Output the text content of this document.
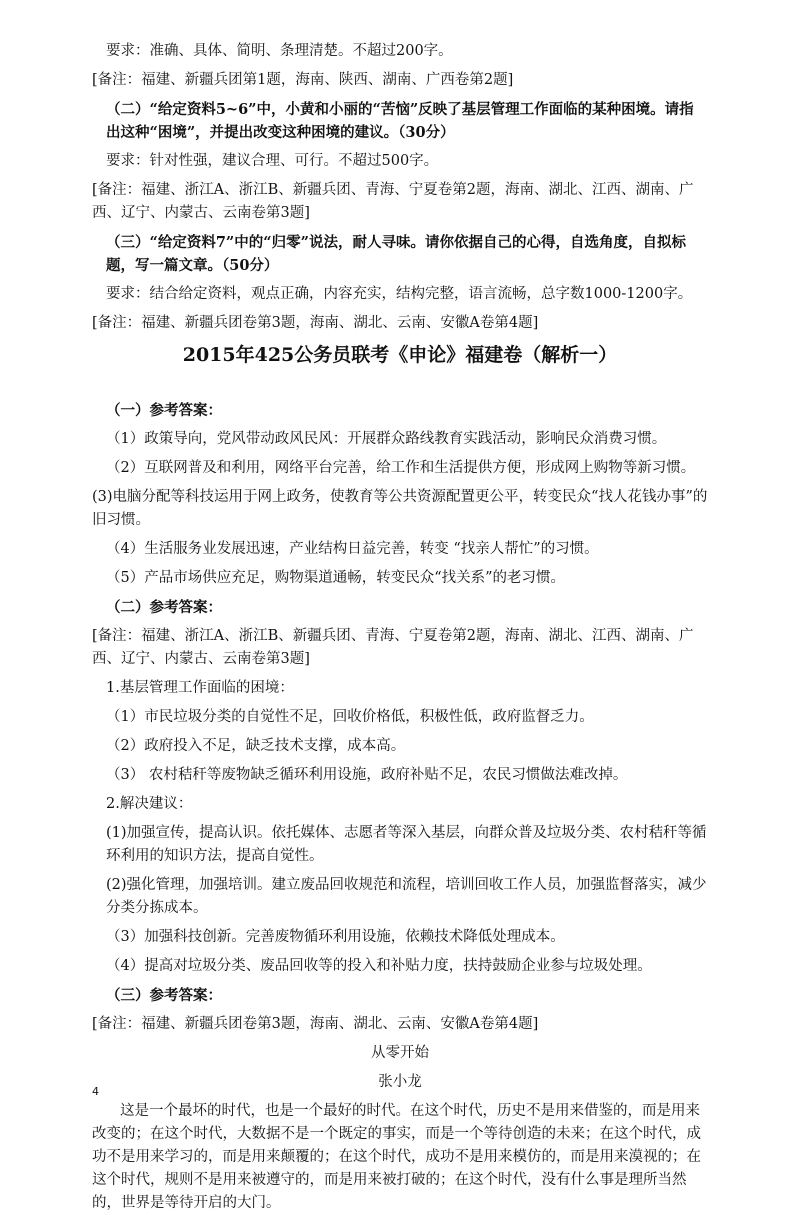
要求：准确、具体、简明、条理清楚。不超过200字。

[备注：福建、新疆兵团第1题，海南、陕西、湖南、广西卷第2题]

（二）“给定资料5~6”中，小黄和小丽的“苦恼”反映了基层管理工作面临的某种困境。请指出这种“困境”，并提出改变这种困境的建议。（30分）

要求：针对性强，建议合理、可行。不超过500字。

[备注：福建、浙江A、浙江B、新疆兵团、青海、宁夏卷第2题，海南、湖北、江西、湖南、广西、辽宁、内蒙古、云南卷第3题]

（三）“给定资料7”中的“归零”说法，耐人寻味。请你依据自己的心得，自选角度，自拟标题，写一篇文章。（50分）

要求：结合给定资料，观点正确，内容充实，结构完整，语言流畅，总字数1000-1200字。

[备注：福建、新疆兵团卷第3题，海南、湖北、云南、安徽A卷第4题]

2015年425公务员联考《申论》福建卷（解析一）

（一）参考答案：

（1）政策导向，党风带动政风民风：开展群众路线教育实践活动，影响民众消费习惯。

（2）互联网普及和利用，网络平台完善，给工作和生活提供方便，形成网上购物等新习惯。

(3)电脑分配等科技运用于网上政务，使教育等公共资源配置更公平，转变民众“找人花钱办事”的旧习惯。

（4）生活服务业发展迅速，产业结构日益完善，转变 “找亲人帮忙”的习惯。

（5）产品市场供应充足，购物渠道通畅，转变民众“找关系”的老习惯。

（二）参考答案：

[备注：福建、浙江A、浙江B、新疆兵团、青海、宁夏卷第2题，海南、湖北、江西、湖南、广西、辽宁、内蒙古、云南卷第3题]

1.基层管理工作面临的困境：

（1）市民垃圾分类的自觉性不足，回收价格低，积极性低，政府监督乏力。

（2）政府投入不足，缺乏技术支撑，成本高。

（3） 农村秸秆等废物缺乏循环利用设施，政府补贴不足，农民习惯做法难改掉。

2.解决建议：

(1)加强宣传，提高认识。依托媒体、志愿者等深入基层，向群众普及垃圾分类、农村秸秆等循环利用的知识方法，提高自觉性。

(2)强化管理，加强培训。建立废品回收规范和流程，培训回收工作人员，加强监督落实，减少分类分拣成本。

（3）加强科技创新。完善废物循环利用设施，依赖技术降低处理成本。

（4）提高对垃圾分类、废品回收等的投入和补贴力度，扶持鼓励企业参与垃圾处理。

（三）参考答案：

[备注：福建、新疆兵团卷第3题，海南、湖北、云南、安徽A卷第4题]

从零开始

张小龙

这是一个最坏的时代，也是一个最好的时代。在这个时代，历史不是用来借鉴的，而是用来改变的；在这个时代，大数据不是一个既定的事实，而是一个等待创造的未来；在这个时代，成功不是用来学习的，而是用来颠覆的；在这个时代，成功不是用来模仿的，而是用来漠视的；在这个时代，规则不是用来被遵守的，而是用来被打破的；在这个时代，没有什么事是理所当然的，世界是等待开启的大门。

4
